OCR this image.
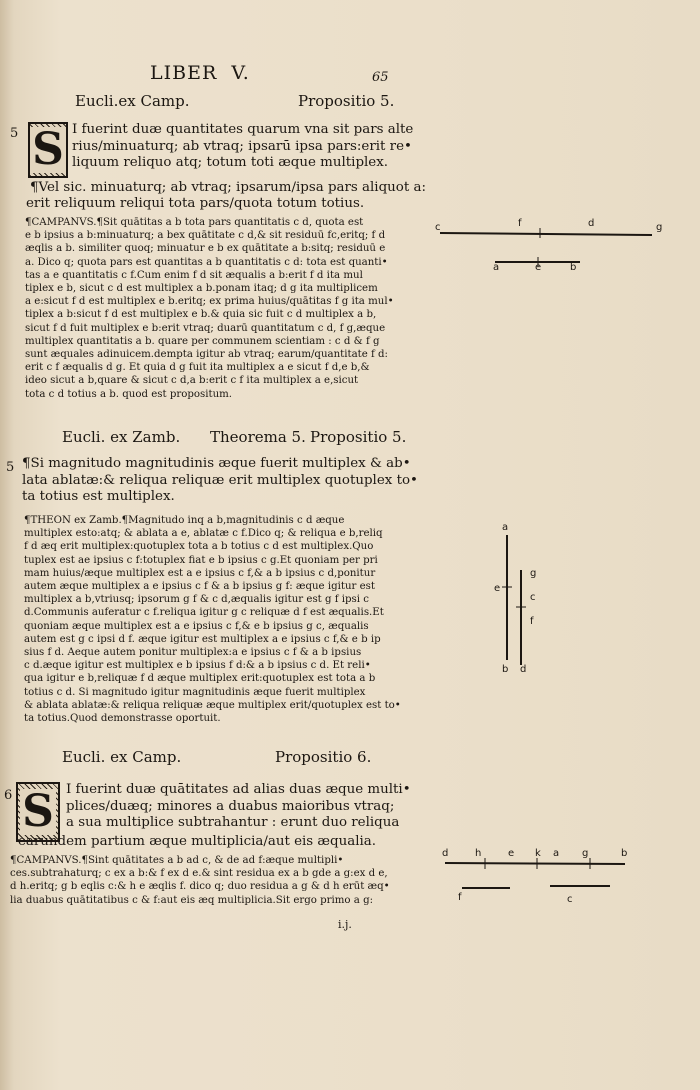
LIBER V.	65
Eucli.ex Camp.	Propositio 5.
5 S I fuerint duæ quantitates quarum vna sit pars alte
rius/minuaturq; ab vtraq; ipsarū ipsa pars:erit re•
liquum reliquo atq; totum toti æque multiplex.
¶Vel sic. minuaturq; ab vtraq; ipsarum/ipsa pars aliquot a:
erit reliquum reliqui tota pars/quota totum totius.
¶CAMPANVS.¶Sit quātitas a b tota pars quantitatis c d, quota est
e b ipsius a b:minuaturq; a bex quātitate c d,& sit residuū fc,eritq; f d
æqlis a b. similiter quoq; minuatur e b ex quātitate a b:sitq; residuū e
a. Dico q; quota pars est quantitas a b quantitatis c d: tota est quanti•
tas a e quantitatis c f.Cum enim f d sit æqualis a b:erit f d ita mul
tiplex e b, sicut c d est multiplex a b.ponam itaq; d g ita multiplicem
a e:sicut f d est multiplex e b.eritq; ex prima huius/quātitas f g ita mul•
tiplex a b:sicut f d est multiplex e b.& quia sic fuit c d multiplex a b,
sicut f d fuit multiplex e b:erit vtraq; duarū quantitatum c d, f g,æque
multiplex quantitatis a b. quare per communem scientiam : c d & f g
sunt æquales adinuicem.dempta igitur ab vtraq; earum/quantitate f d:
erit c f æqualis d g. Et quia d g fuit ita multiplex a e sicut f d,e b,&
ideo sicut a b,quare & sicut c d,a b:erit c f ita multiplex a e,sicut
tota c d totius a b. quod est propositum.
Eucli. ex Zamb. Theorema 5. Propositio 5.
5 ¶Si magnitudo magnitudinis æque fuerit multiplex & ab•
lata ablatæ:& reliqua reliquæ erit multiplex quotuplex to•
ta totius est multiplex.
¶THEON ex Zamb.¶Magnitudo inq a b,magnitudinis c d æque
multiplex esto:atq; & ablata a e, ablatæ c f.Dico q; & reliqua e b,reliq
f d æq erit multiplex:quotuplex tota a b totius c d est multiplex.Quo
tuplex est ae ipsius c f:totuplex fiat e b ipsius c g.Et quoniam per pri
mam huius/æque multiplex est a e ipsius c f,& a b ipsius c d,ponitur
autem æque multiplex a e ipsius c f & a b ipsius g f: æque igitur est
multiplex a b,vtriusq; ipsorum g f & c d,æqualis igitur est g f ipsi c
d.Communis auferatur c f.reliqua igitur g c reliquæ d f est æqualis.Et
quoniam æque multiplex est a e ipsius c f,& e b ipsius g c, æqualis
autem est g c ipsi d f. æque igitur est multiplex a e ipsius c f,& e b ip
sius f d. Aeque autem ponitur multiplex:a e ipsius c f & a b ipsius
c d.æque igitur est multiplex e b ipsius f d:& a b ipsius c d. Et reli•
qua igitur e b,reliquæ f d æque multiplex erit:quotuplex est tota a b
totius c d. Si magnitudo igitur magnitudinis æque fuerit multiplex
& ablata ablatæ:& reliqua reliquæ æque multiplex erit/quotuplex est to•
ta totius.Quod demonstrasse oportuit.
Eucli. ex Camp.	Propositio 6.
6 S I fuerint duæ quātitates ad alias duas æque multi•
plices/duæq; minores a duabus maioribus vtraq;
a sua multiplice subtrahantur : erunt duo reliqua
earundem partium æque multiplicia/aut eis æqualia.
¶CAMPANVS.¶Sint quātitates a b ad c, & de ad f:æque multipli•
ces.subtrahaturq; c ex a b:& f ex d e.& sint residua ex a b gde a g:ex d e,
d h.eritq; g b eqlis c:& h e æqlis f. dico q; duo residua a g & d h erūt æq•
lia duabus quātitatibus c & f:aut eis æq multiplicia.Sit ergo primo a g:
i.j.
c	f	d	g
a	e	b
a
e
b
g
c
f
d
d	h	e k a g	b
f	c
